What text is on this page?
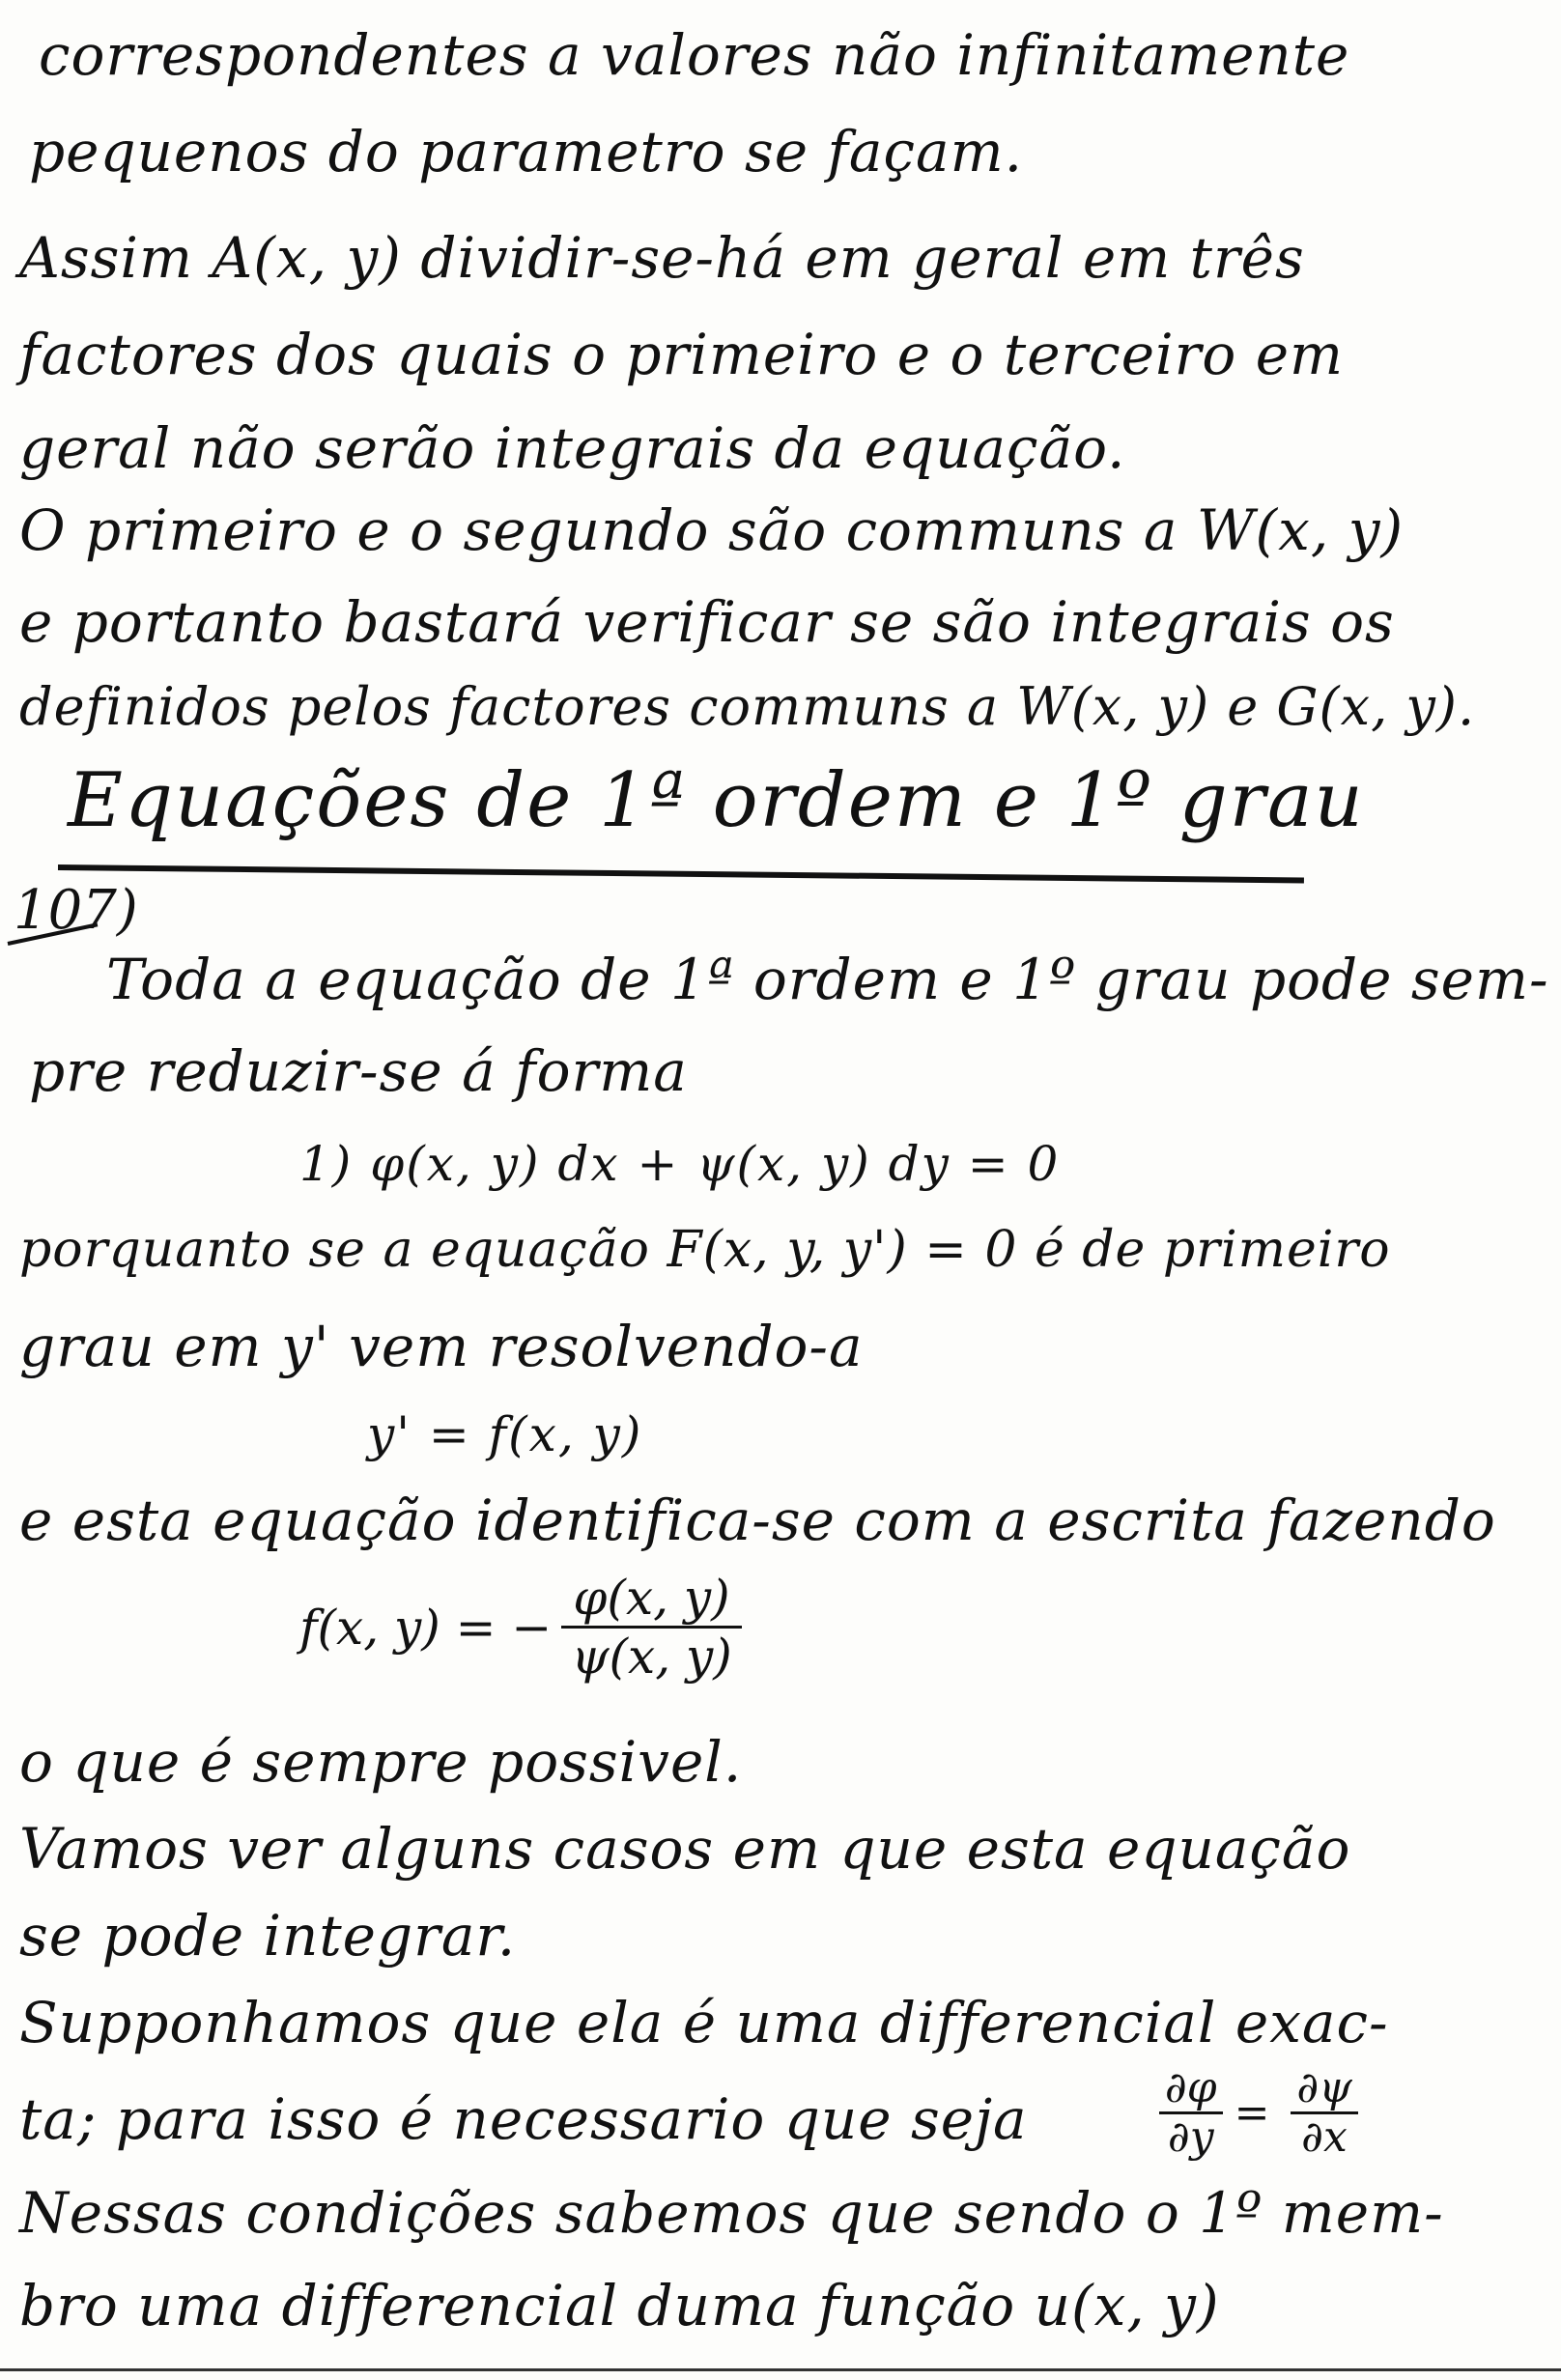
correspondentes a valores não infinitamente
pequenos do parametro se façam.
Assim A(x, y) dividir-se-há em geral em três
factores dos quais o primeiro e o terceiro em
geral não serão integrais da equação.
O primeiro e o segundo são communs a W(x, y)
e portanto bastará verificar se são integrais os
definidos pelos factores communs a W(x, y) e G(x, y).
Equações de 1ª ordem e 1º grau
107)
Toda a equação de 1ª ordem e 1º grau pode sem-
pre reduzir-se á forma
1) φ(x, y) dx + ψ(x, y) dy = 0
porquanto se a equação F(x, y, y') = 0 é de primeiro
grau em y' vem resolvendo-a
y' = f(x, y)
e esta equação identifica-se com a escrita fazendo
f(x, y) = − $\frac{\varphi(x, y)}{\psi(x, y)}$
o que é sempre possivel.
Vamos ver alguns casos em que esta equação
se pode integrar.
Supponhamos que ela é uma differencial exac-
ta; para isso é necessario que seja	$\frac{\partial\varphi}{\partial y} = \frac{\partial\psi}{\partial x}$
Nessas condições sabemos que sendo o 1º mem-
bro uma differencial duma função u(x, y)
